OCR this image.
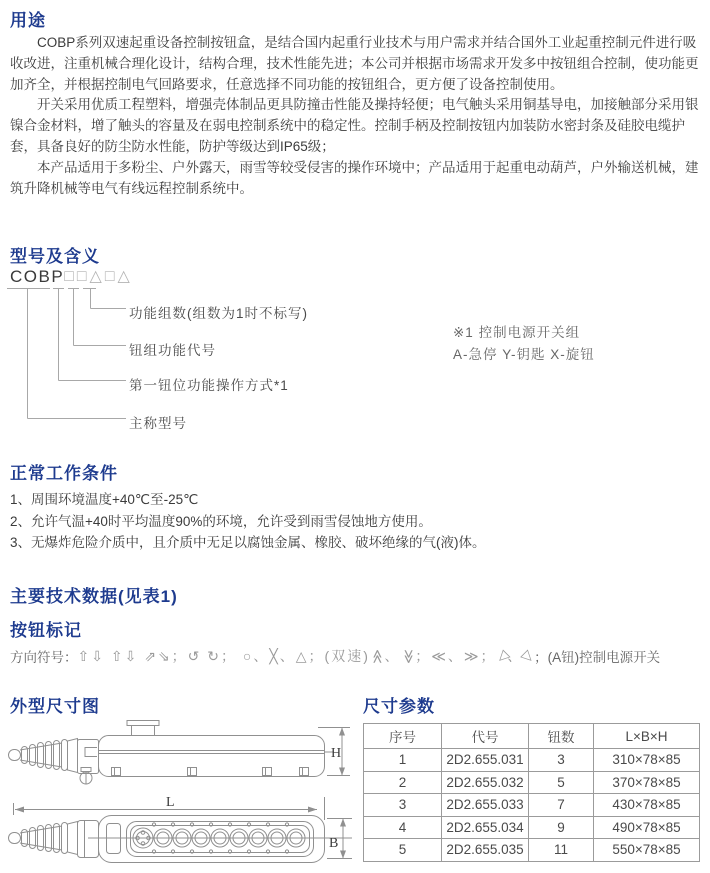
用途

COBP系列双速起重设备控制按钮盒，是结合国内起重行业技术与用户需求并结合国外工业起重控制元件进行吸收改进，注重机械合理化设计，结构合理，技术性能先进；本公司并根据市场需求开发多中按钮组合控制，使功能更加齐全，并根据控制电气回路要求，任意选择不同功能的按钮组合，更方便了设备控制使用。

开关采用优质工程塑料，增强壳体制品更具防撞击性能及操持轻便；电气触头采用铜基导电，加接触部分采用银镍合金材料，增了触头的容量及在弱电控制系统中的稳定性。控制手柄及控制按钮内加装防水密封条及硅胶电缆护套，具备良好的防尘防水性能，防护等级达到IP65级；

本产品适用于多粉尘、户外露天，雨雪等较受侵害的操作环境中；产品适用于起重电动葫芦，户外输送机械，建筑升降机械等电气有线远程控制系统中。

型号及含义
COBP□□△□△
功能组数(组数为1时不标写)
钮组功能代号
第一钮位功能操作方式*1
主称型号
※1 控制电源开关组
A-急停 Y-钥匙 X-旋钮
正常工作条件
1、周围环境温度+40℃至-25℃
2、允许气温+40时平均温度90%的环境，允许受到雨雪侵蚀地方使用。
3、无爆炸危险介质中，且介质中无足以腐蚀金属、橡胶、破坏绝缘的气(液)体。
主要技术数据(见表1)
按钮标记
方向符号： ⇧⇩ ⇧⇩ ⇗⇘；↺ ↻； ○、╳、△；(双速) ≪
、
≪ ；≪、≫；
◁
、
▷
；(A钮)控制电源开关
外型尺寸图
H
L
B
尺寸参数
序号	代号	钮数	L×B×H
1	2D2.655.031	3	310×78×85
2	2D2.655.032	5	370×78×85
3	2D2.655.033	7	430×78×85
4	2D2.655.034	9	490×78×85
5	2D2.655.035	11	550×78×85
